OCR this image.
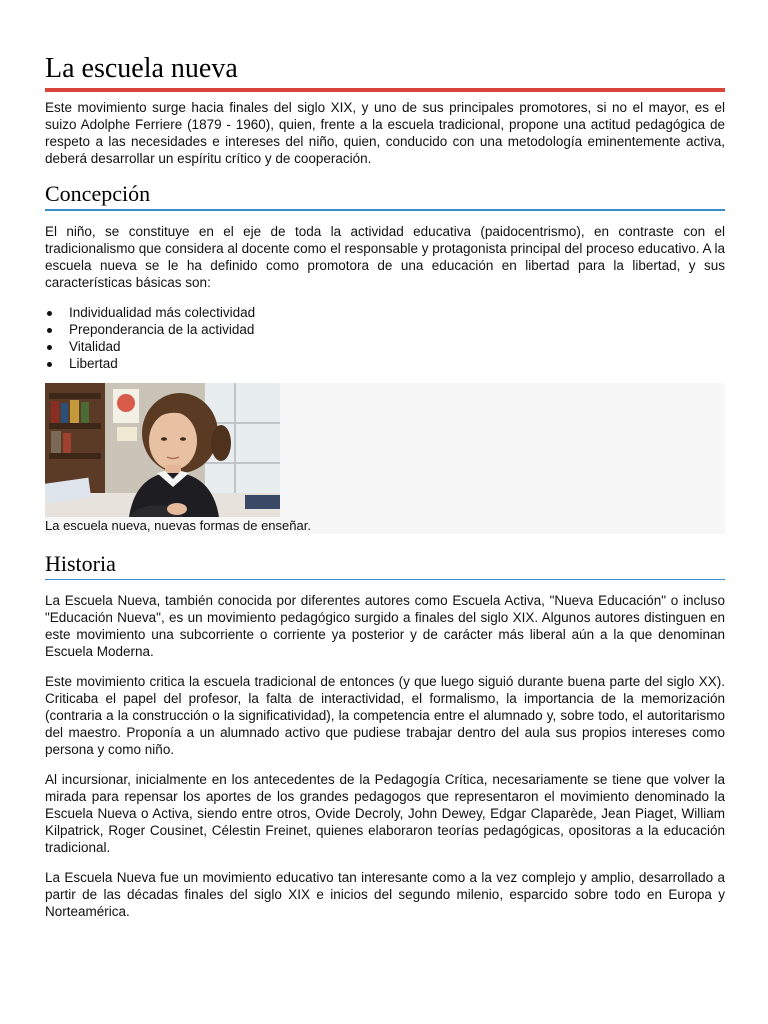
La escuela nueva

Este movimiento surge hacia finales del siglo XIX, y uno de sus principales promotores, si no el mayor, es el suizo Adolphe Ferriere (1879 - 1960), quien, frente a la escuela tradicional, propone una actitud pedagógica de respeto a las necesidades e intereses del niño, quien, conducido con una metodología eminentemente activa, deberá desarrollar un espíritu crítico y de cooperación.

Concepción

El niño, se constituye en el eje de toda la actividad educativa (paidocentrismo), en contraste con el tradicionalismo que considera al docente como el responsable y protagonista principal del proceso educativo. A la escuela nueva se le ha definido como promotora de una educación en libertad para la libertad, y sus características básicas son:

Individualidad más colectividad
Preponderancia de la actividad
Vitalidad
Libertad
La escuela nueva, nuevas formas de enseñar.
Historia

La Escuela Nueva, también conocida por diferentes autores como Escuela Activa, "Nueva Educación" o incluso "Educación Nueva", es un movimiento pedagógico surgido a finales del siglo XIX. Algunos autores distinguen en este movimiento una subcorriente o corriente ya posterior y de carácter más liberal aún a la que denominan Escuela Moderna.

Este movimiento critica la escuela tradicional de entonces (y que luego siguió durante buena parte del siglo XX). Criticaba el papel del profesor, la falta de interactividad, el formalismo, la importancia de la memorización (contraria a la construcción o la significatividad), la competencia entre el alumnado y, sobre todo, el autoritarismo del maestro. Proponía a un alumnado activo que pudiese trabajar dentro del aula sus propios intereses como persona y como niño.

Al incursionar, inicialmente en los antecedentes de la Pedagogía Crítica, necesariamente se tiene que volver la mirada para repensar los aportes de los grandes pedagogos que representaron el movimiento denominado la Escuela Nueva o Activa, siendo entre otros, Ovide Decroly, John Dewey, Edgar Claparède, Jean Piaget, William Kilpatrick, Roger Cousinet, Célestin Freinet, quienes elaboraron teorías pedagógicas, opositoras a la educación tradicional.

La Escuela Nueva fue un movimiento educativo tan interesante como a la vez complejo y amplio, desarrollado a partir de las décadas finales del siglo XIX e inicios del segundo milenio, esparcido sobre todo en Europa y Norteamérica.
